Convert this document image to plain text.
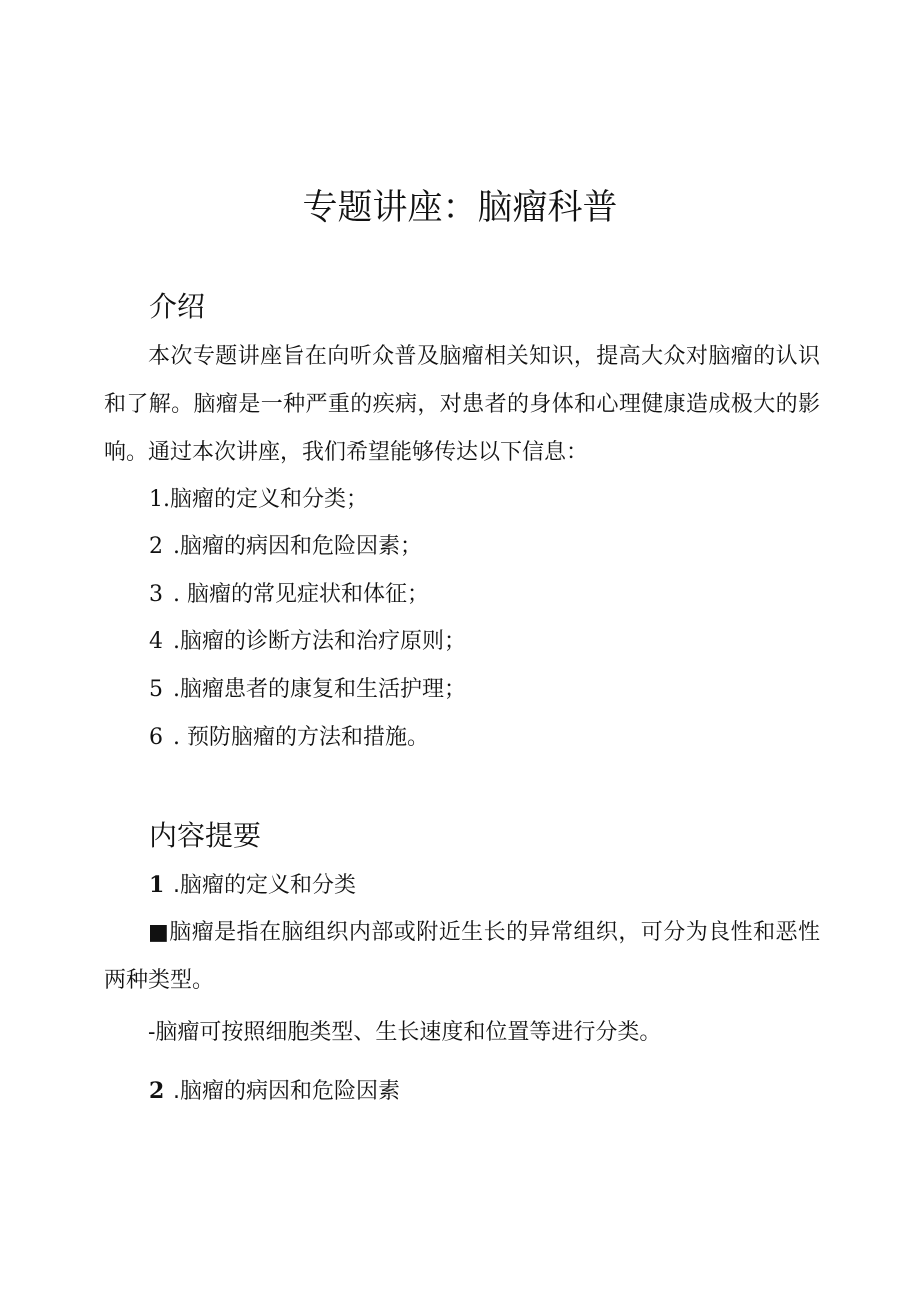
专题讲座：脑瘤科普
介绍

本次专题讲座旨在向听众普及脑瘤相关知识，提高大众对脑瘤的认识和了解。脑瘤是一种严重的疾病，对患者的身体和心理健康造成极大的影响。通过本次讲座，我们希望能够传达以下信息：

1.脑瘤的定义和分类；
2 .脑瘤的病因和危险因素；
3 . 脑瘤的常见症状和体征；
4 .脑瘤的诊断方法和治疗原则；
5 .脑瘤患者的康复和生活护理；
6 . 预防脑瘤的方法和措施。
内容提要
1 .脑瘤的定义和分类

■脑瘤是指在脑组织内部或附近生长的异常组织，可分为良性和恶性两种类型。

-脑瘤可按照细胞类型、生长速度和位置等进行分类。

2 .脑瘤的病因和危险因素
